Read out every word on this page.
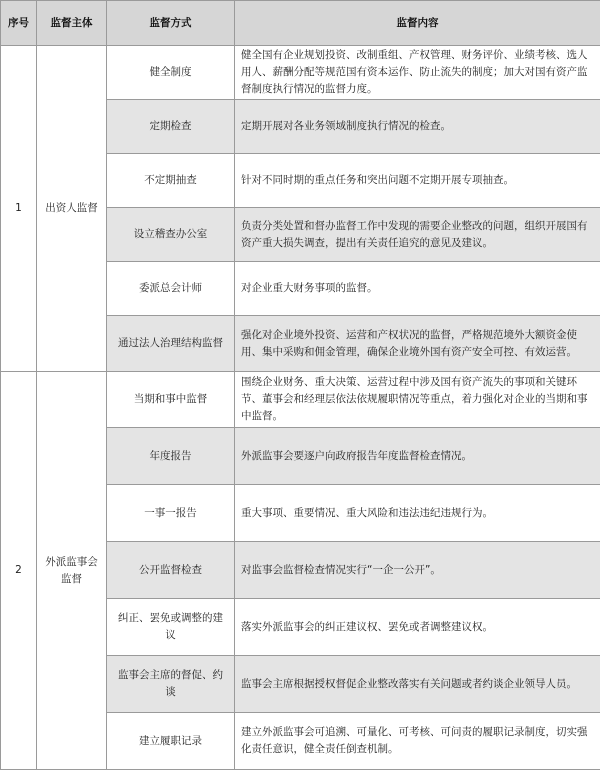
序号	监督主体	监督方式	监督内容
1	出资人监督	健全制度	健全国有企业规划投资、改制重组、产权管理、财务评价、业绩考核、选人用人、薪酬分配等规范国有资本运作、防止流失的制度；加大对国有资产监督制度执行情况的监督力度。
		定期检查	定期开展对各业务领域制度执行情况的检查。
		不定期抽查	针对不同时期的重点任务和突出问题不定期开展专项抽查。
		设立稽查办公室	负责分类处置和督办监督工作中发现的需要企业整改的问题，组织开展国有资产重大损失调查，提出有关责任追究的意见及建议。
		委派总会计师	对企业重大财务事项的监督。
		通过法人治理结构监督	强化对企业境外投资、运营和产权状况的监督，严格规范境外大额资金使用、集中采购和佣金管理，确保企业境外国有资产安全可控、有效运营。
2	外派监事会监督	当期和事中监督	围绕企业财务、重大决策、运营过程中涉及国有资产流失的事项和关键环节、董事会和经理层依法依规履职情况等重点，着力强化对企业的当期和事中监督。
		年度报告	外派监事会要逐户向政府报告年度监督检查情况。
		一事一报告	重大事项、重要情况、重大风险和违法违纪违规行为。
		公开监督检查	对监事会监督检查情况实行“一企一公开”。
		纠正、罢免或调整的建议	落实外派监事会的纠正建议权、罢免或者调整建议权。
		监事会主席的督促、约谈	监事会主席根据授权督促企业整改落实有关问题或者约谈企业领导人员。
		建立履职记录	建立外派监事会可追溯、可量化、可考核、可问责的履职记录制度，切实强化责任意识，健全责任倒查机制。
